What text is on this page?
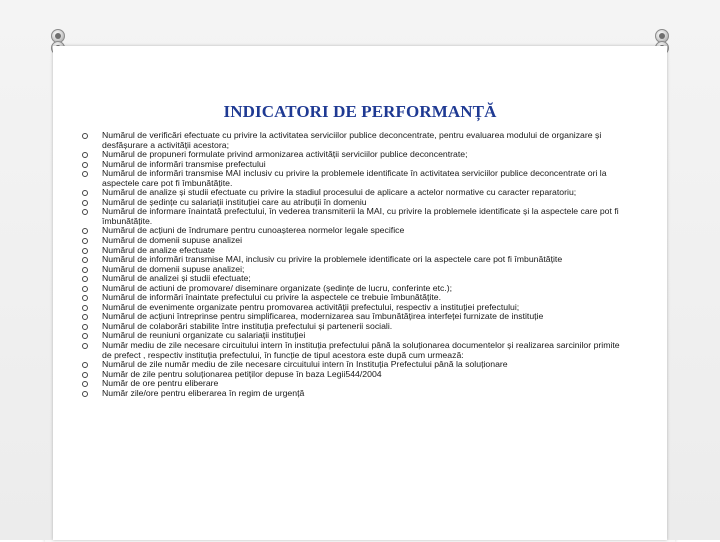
INDICATORI DE PERFORMANȚĂ
Numărul de verificări efectuate cu privire la activitatea serviciilor publice deconcentrate, pentru evaluarea modului de organizare și desfășurare a activității acestora;
Numărul de propuneri formulate privind armonizarea activității serviciilor publice deconcentrate;
Numărul de informări transmise prefectului
Numărul de informări transmise MAI inclusiv cu privire la problemele identificate în activitatea serviciilor publice deconcentrate ori la aspectele care pot fi îmbunătățite.
Numărul de analize și studii efectuate cu privire la stadiul procesului de aplicare a actelor normative cu caracter reparatoriu;
Numărul de ședințe cu salariații instituției care au atribuții în domeniu
Numărul de informare înaintată prefectului, în vederea transmiterii la MAI, cu privire la problemele identificate și la aspectele care pot fi îmbunătățite.
Numărul de acțiuni de îndrumare pentru cunoașterea normelor legale specifice
Numărul de domenii supuse analizei
Numărul de analize efectuate
Numărul de informări transmise MAI, inclusiv cu privire la problemele identificate ori la aspectele care pot fi îmbunătățite
Numărul de domenii supuse analizei;
Numărul de analizei și studii efectuate;
Numărul de actiuni de promovare/ diseminare organizate (ședințe de lucru, conferinte etc.);
Numărul de informări înaintate prefectului cu privire la aspectele ce trebuie îmbunătățite.
Numărul de evenimente organizate pentru promovarea activității prefectului, respectiv a instituției prefectului;
Numărul de acțiuni întreprinse pentru simplificarea, modernizarea sau îmbunătățirea interfeței furnizate de instituție
Numărul de colaborări stabilite între instituția prefectului și partenerii sociali.
Numărul de reuniuni organizate cu salariații instituției
Număr mediu de zile necesare circuitului intern în instituția prefectului până la soluționarea documentelor și realizarea sarcinilor primite de prefect , respectiv instituția prefectului, în funcție de tipul acestora este după cum urmează:
Numărul de zile număr mediu de zile necesare circuitului intern în Instituția Prefectului până la soluționare
Număr de zile pentru soluționarea petiților depuse în baza Legii544/2004
Număr de ore pentru eliberare
Număr zile/ore pentru eliberarea în regim de urgență
